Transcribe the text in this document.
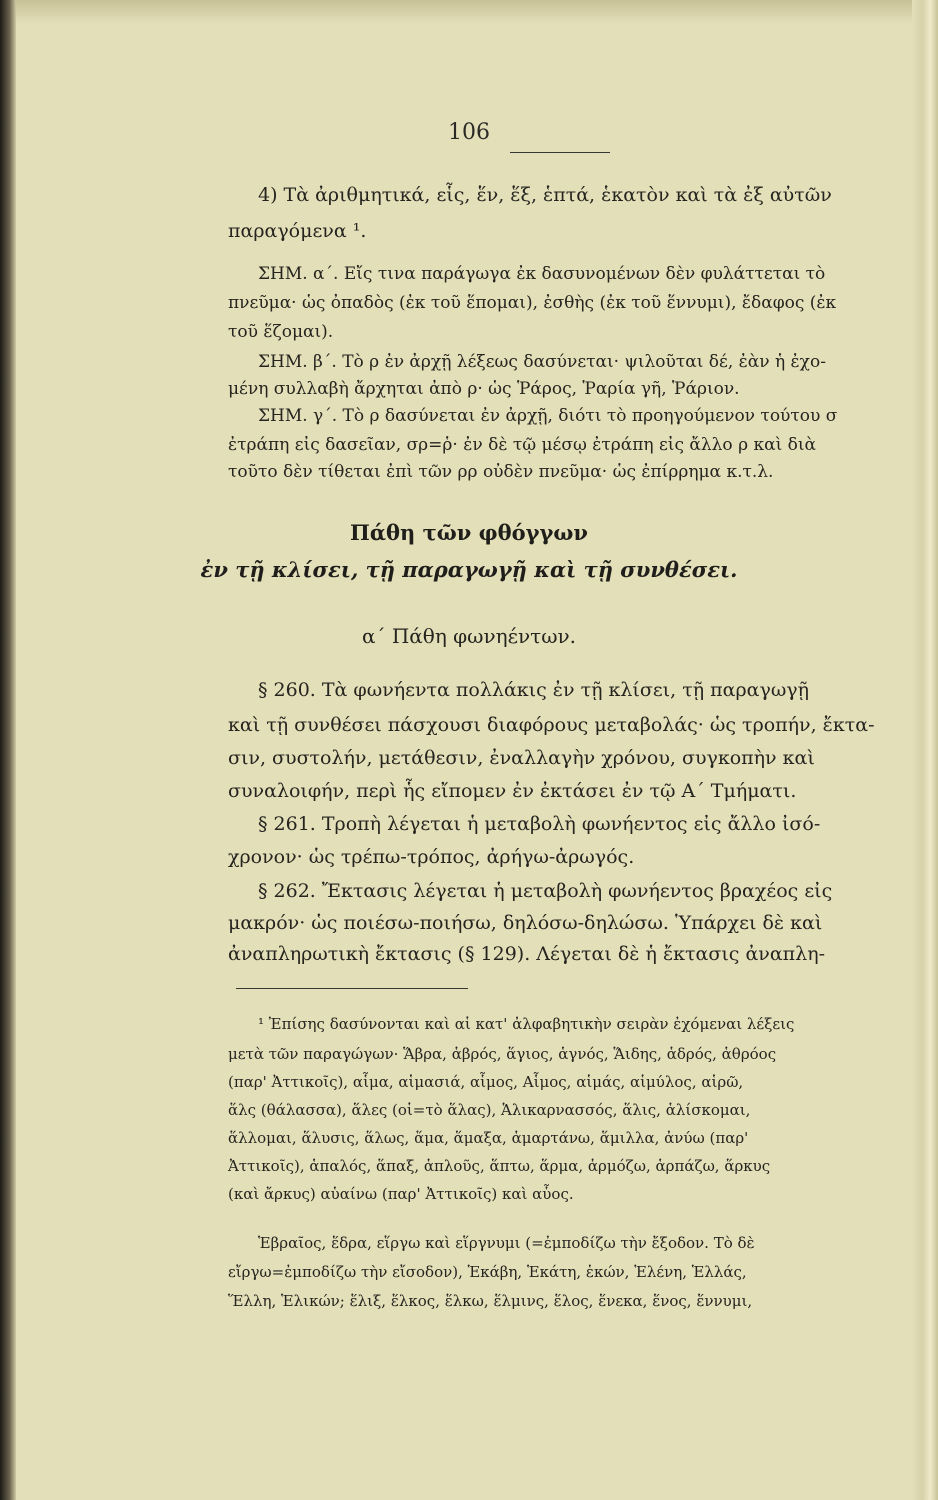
106
4) Τὰ ἀριθμητικά, εἷς, ἕν, ἕξ, ἑπτά, ἑκατὸν καὶ τὰ ἐξ αὐτῶν
παραγόμενα ¹.
ΣΗΜ. α΄. Εἴς τινα παράγωγα ἐκ δασυνομένων δὲν φυλάττεται τὸ
πνεῦμα· ὡς ὀπαδὸς (ἐκ τοῦ ἕπομαι), ἐσθὴς (ἐκ τοῦ ἕννυμι), ἔδαφος (ἐκ
τοῦ ἕζομαι).
ΣΗΜ. β΄. Τὸ ρ ἐν ἀρχῇ λέξεως δασύνεται· ψιλοῦται δέ, ἐὰν ἡ ἐχο-
μένη συλλαβὴ ἄρχηται ἀπὸ ρ· ὡς Ῥάρος, Ῥαρία γῆ, Ῥάριον.
ΣΗΜ. γ΄. Τὸ ρ δασύνεται ἐν ἀρχῇ, διότι τὸ προηγούμενον τούτου σ
ἐτράπη εἰς δασεῖαν, σρ=ῥ· ἐν δὲ τῷ μέσῳ ἐτράπη εἰς ἄλλο ρ καὶ διὰ
τοῦτο δὲν τίθεται ἐπὶ τῶν ρρ οὐδὲν πνεῦμα· ὡς ἐπίρρημα κ.τ.λ.
Πάθη τῶν φθόγγων
ἐν τῇ κλίσει, τῇ παραγωγῇ καὶ τῇ συνθέσει.
α΄ Πάθη φωνηέντων.
§ 260. Τὰ φωνήεντα πολλάκις ἐν τῇ κλίσει, τῇ παραγωγῇ
καὶ τῇ συνθέσει πάσχουσι διαφόρους μεταβολάς· ὡς τροπήν, ἔκτα-
σιν, συστολήν, μετάθεσιν, ἐναλλαγὴν χρόνου, συγκοπὴν καὶ
συναλοιφήν, περὶ ἧς εἴπομεν ἐν ἐκτάσει ἐν τῷ Α΄ Τμήματι.
§ 261. Τροπὴ λέγεται ἡ μεταβολὴ φωνήεντος εἰς ἄλλο ἰσό-
χρονον· ὡς τρέπω-τρόπος, ἀρήγω-ἀρωγός.
§ 262. Ἔκτασις λέγεται ἡ μεταβολὴ φωνήεντος βραχέος εἰς
μακρόν· ὡς ποιέσω-ποιήσω, δηλόσω-δηλώσω. Ὑπάρχει δὲ καὶ
ἀναπληρωτικὴ ἔκτασις (§ 129). Λέγεται δὲ ἡ ἔκτασις ἀναπλη-
¹ Ἐπίσης δασύνονται καὶ αἱ κατ' ἀλφαβητικὴν σειρὰν ἐχόμεναι λέξεις
μετὰ τῶν παραγώγων· Ἅβρα, ἁβρός, ἅγιος, ἁγνός, Ἅιδης, ἁδρός, ἁθρόος
(παρ' Ἀττικοῖς), αἷμα, αἱμασιά, αἷμος, Αἷμος, αἱμάς, αἱμύλος, αἱρῶ,
ἅλς (θάλασσα), ἅλες (οἱ=τὸ ἅλας), Ἁλικαρνασσός, ἅλις, ἁλίσκομαι,
ἅλλομαι, ἅλυσις, ἅλως, ἅμα, ἅμαξα, ἁμαρτάνω, ἅμιλλα, ἀνύω (παρ'
Ἀττικοῖς), ἁπαλός, ἅπαξ, ἁπλοῦς, ἅπτω, ἅρμα, ἁρμόζω, ἁρπάζω, ἅρκυς
(καὶ ἄρκυς) αὑαίνω (παρ' Ἀττικοῖς) καὶ αὗος.
Ἑβραῖος, ἕδρα, εἵργω καὶ εἵργνυμι (=ἐμποδίζω τὴν ἔξοδον. Τὸ δὲ
εἴργω=ἐμποδίζω τὴν εἴσοδον), Ἑκάβη, Ἑκάτη, ἑκών, Ἑλένη, Ἑλλάς,
Ἕλλη, Ἑλικών; ἕλιξ, ἕλκος, ἕλκω, ἕλμινς, ἕλος, ἕνεκα, ἕνος, ἕννυμι,
